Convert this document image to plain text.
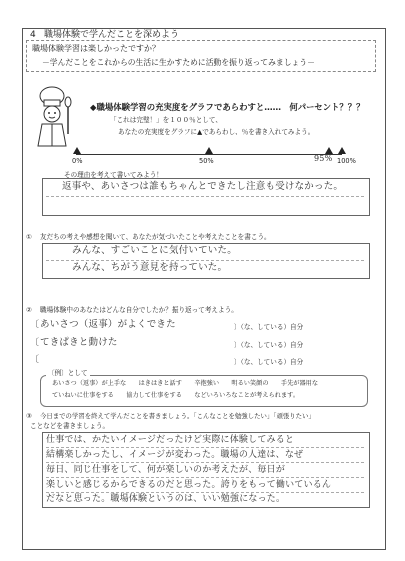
4 職場体験で学んだことを深めよう
職場体験学習は楽しかったですか？
－学んだことをこれからの生活に生かすために活動を振り返ってみましょう－
◆職場体験学習の充実度をグラフであらわすと……　何パーセント？？？
「これは完璧！」を１００％として、
あなたの充実度をグラフに▲であらわし、％を書き入れてみよう。
0%	50%	95% 100%
その理由を考えて書いてみよう！
返事や、あいさつは誰もちゃんとできたし注意も受けなかった。
① 友だちの考えや感想を聞いて、あなたが気づいたことや考えたことを書こう。
みんな、すごいことに気付いていた。
みんな、ちがう意見を持っていた。
② 職場体験中のあなたはどんな自分でしたか？振り返って考えよう。
〔 あいさつ（返事）がよくできた	〕（な、している）自分
〔 てきぱきと動けた	〕（な、している）自分
〔	〕（な、している）自分
〔例〕として
あいさつ（返事）が上手な　　はきはきと話す　　辛抱強い　　明るい笑顔の　　手先が器用な
ていねいに仕事をする　　協力して仕事をする　　などいろいろなことが考えられます。
③ 今日までの学習を終えて学んだことを書きましょう。「こんなことを勉強したい」「頑張りたい」
ことなどを書きましょう。
仕事では、かたいイメージだったけど実際に体験してみると
結構楽しかったし、イメージが変わった。職場の人達は、なぜ
毎日、同じ仕事をして、何が楽しいのか考えたが、毎日が
楽しいと感じるからできるのだと思った。誇りをもって働いているん
だなと思った。職場体験というのは、いい勉強になった。
